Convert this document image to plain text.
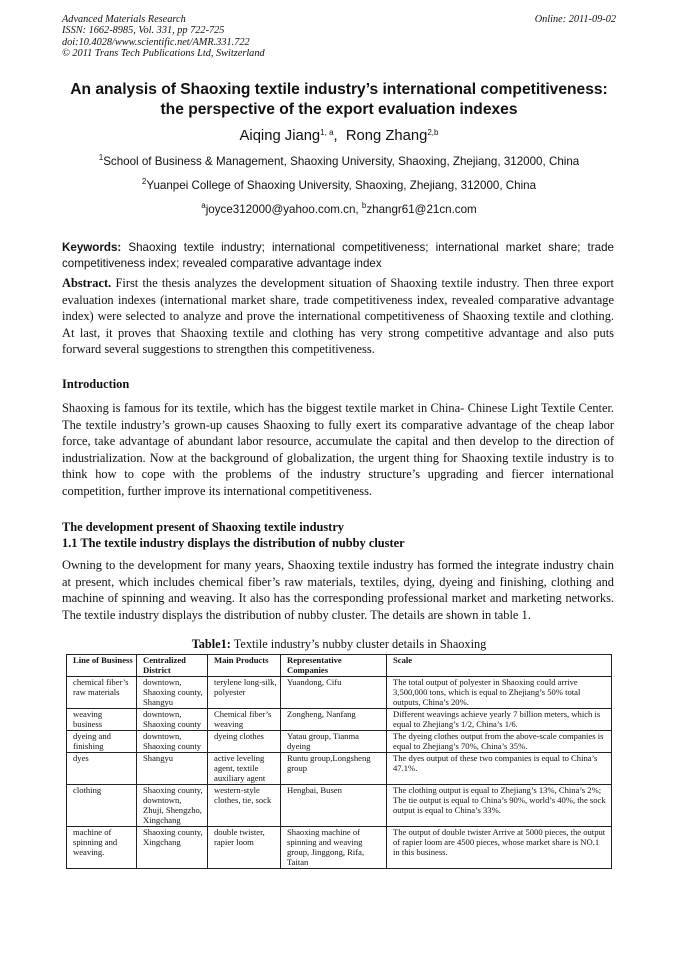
Advanced Materials Research
ISSN: 1662-8985, Vol. 331, pp 722-725
doi:10.4028/www.scientific.net/AMR.331.722
© 2011 Trans Tech Publications Ltd, Switzerland
Online: 2011-09-02
An analysis of Shaoxing textile industry’s international competitiveness:
the perspective of the export evaluation indexes
Aiqing Jiang$^{1, a}$,  Rong Zhang$^{2,b}$
$^1$School of Business & Management, Shaoxing University, Shaoxing, Zhejiang, 312000, China
$^2$Yuanpei College of Shaoxing University, Shaoxing, Zhejiang, 312000, China
$^a$joyce312000@yahoo.com.cn, $^b$zhangr61@21cn.com
Keywords: Shaoxing textile industry; international competitiveness; international market share; trade competitiveness index; revealed comparative advantage index

Abstract. First the thesis analyzes the development situation of Shaoxing textile industry. Then three export evaluation indexes (international market share, trade competitiveness index, revealed comparative advantage index) were selected to analyze and prove the international competitiveness of Shaoxing textile and clothing. At last, it proves that Shaoxing textile and clothing has very strong competitive advantage and also puts forward several suggestions to strengthen this competitiveness.

Introduction

Shaoxing is famous for its textile, which has the biggest textile market in China- Chinese Light Textile Center. The textile industry’s grown-up causes Shaoxing to fully exert its comparative advantage of the cheap labor force, take advantage of abundant labor resource, accumulate the capital and then develop to the direction of industrialization. Now at the background of globalization, the urgent thing for Shaoxing textile industry is to think how to cope with the problems of the industry structure’s upgrading and fiercer international competition, further improve its international competitiveness.

The development present of Shaoxing textile industry
1.1 The textile industry displays the distribution of nubby cluster

Owning to the development for many years, Shaoxing textile industry has formed the integrate industry chain at present, which includes chemical fiber’s raw materials, textiles, dying, dyeing and finishing, clothing and machine of spinning and weaving. It also has the corresponding professional market and marketing networks. The textile industry displays the distribution of nubby cluster. The details are shown in table 1.

Table1: Textile industry’s nubby cluster details in Shaoxing
Line of Business	Centralized District	Main Products	Representative Companies	Scale
chemical fiber’s raw materials	downtown, Shaoxing county, Shangyu	terylene long-silk, polyester	Yuandong, Cifu	The total output of polyester in Shaoxing could arrive 3,500,000 tons, which is equal to Zhejiang’s 50% total outputs, China’s 20%.
weaving business	downtown, Shaoxing county	Chemical fiber’s weaving	Zongheng, Nanfang	Different weavings achieve yearly 7 billion meters, which is equal to Zhejiang’s 1/2, China’s 1/6.
dyeing and finishing	downtown, Shaoxing county	dyeing clothes	Yatau group, Tianma dyeing	The dyeing clothes output from the above-scale companies is equal to Zhejiang’s 70%, China’s 35%.
dyes	Shangyu	active leveling agent, textile auxiliary agent	Runtu group,Longsheng group	The dyes output of these two companies is equal to China’s 47.1%.
clothing	Shaoxing county, downtown, Zhuji, Shengzho, Xingchang	western-style clothes, tie, sock	Hengbai, Busen	The clothing output is equal to Zhejiang’s 13%, China’s 2%; The tie output is equal to China’s 90%, world’s 40%, the sock output is equal to China’s 33%.
machine of spinning and weaving.	Shaoxing county, Xingchang	double twister, rapier loom	Shaoxing machine of spinning and weaving group, Jinggong, Rifa, Taitan	The output of double twister Arrive at 5000 pieces, the output of rapier loom are 4500 pieces, whose market share is NO.1 in this business.
